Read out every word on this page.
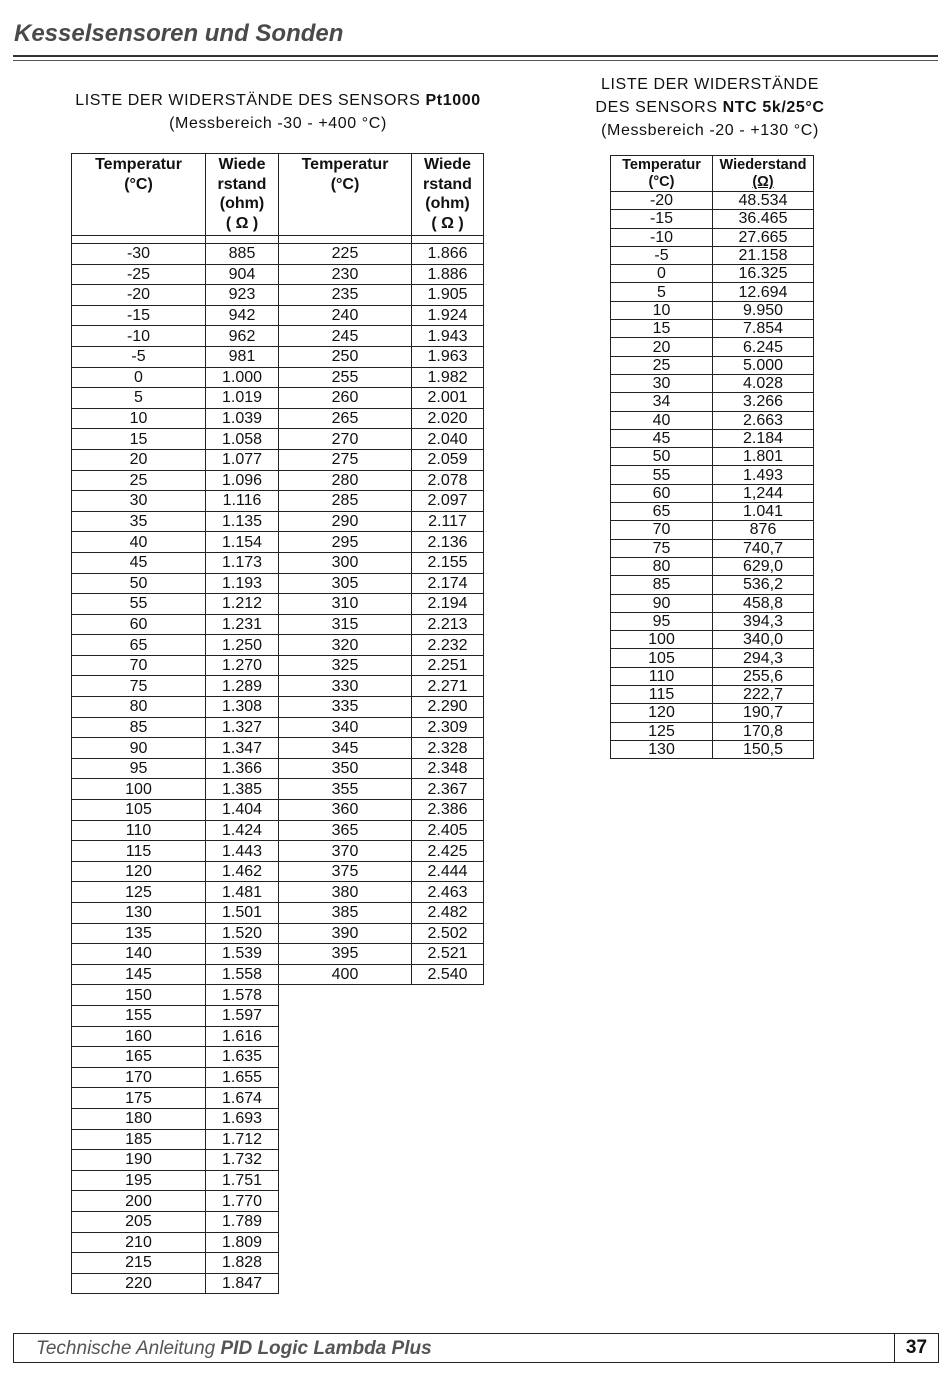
Kesselsensoren und Sonden
LISTE DER WIDERSTÄNDE DES SENSORS Pt1000
(Messbereich -30 - +400 °C)
LISTE DER WIDERSTÄNDE
DES SENSORS NTC 5k/25°C
(Messbereich -20 - +130 °C)
Temperatur
(°C)	Wiede
rstand
(ohm)
( Ω )	Temperatur
(°C)	Wiede
rstand
(ohm)
( Ω )

-30	885	225	1.866
-25	904	230	1.886
-20	923	235	1.905
-15	942	240	1.924
-10	962	245	1.943
-5	981	250	1.963
0	1.000	255	1.982
5	1.019	260	2.001
10	1.039	265	2.020
15	1.058	270	2.040
20	1.077	275	2.059
25	1.096	280	2.078
30	1.116	285	2.097
35	1.135	290	2.117
40	1.154	295	2.136
45	1.173	300	2.155
50	1.193	305	2.174
55	1.212	310	2.194
60	1.231	315	2.213
65	1.250	320	2.232
70	1.270	325	2.251
75	1.289	330	2.271
80	1.308	335	2.290
85	1.327	340	2.309
90	1.347	345	2.328
95	1.366	350	2.348
100	1.385	355	2.367
105	1.404	360	2.386
110	1.424	365	2.405
115	1.443	370	2.425
120	1.462	375	2.444
125	1.481	380	2.463
130	1.501	385	2.482
135	1.520	390	2.502
140	1.539	395	2.521
145	1.558	400	2.540
150	1.578		
155	1.597		
160	1.616		
165	1.635		
170	1.655		
175	1.674		
180	1.693		
185	1.712		
190	1.732		
195	1.751		
200	1.770		
205	1.789		
210	1.809		
215	1.828		
220	1.847		
Temperatur
(°C)	Wiederstand
(Ω)
-20	48.534
-15	36.465
-10	27.665
-5	21.158
0	16.325
5	12.694
10	9.950
15	7.854
20	6.245
25	5.000
30	4.028
34	3.266
40	2.663
45	2.184
50	1.801
55	1.493
60	1,244
65	1.041
70	876
75	740,7
80	629,0
85	536,2
90	458,8
95	394,3
100	340,0
105	294,3
110	255,6
115	222,7
120	190,7
125	170,8
130	150,5
Technische Anleitung PID Logic Lambda Plus	37
